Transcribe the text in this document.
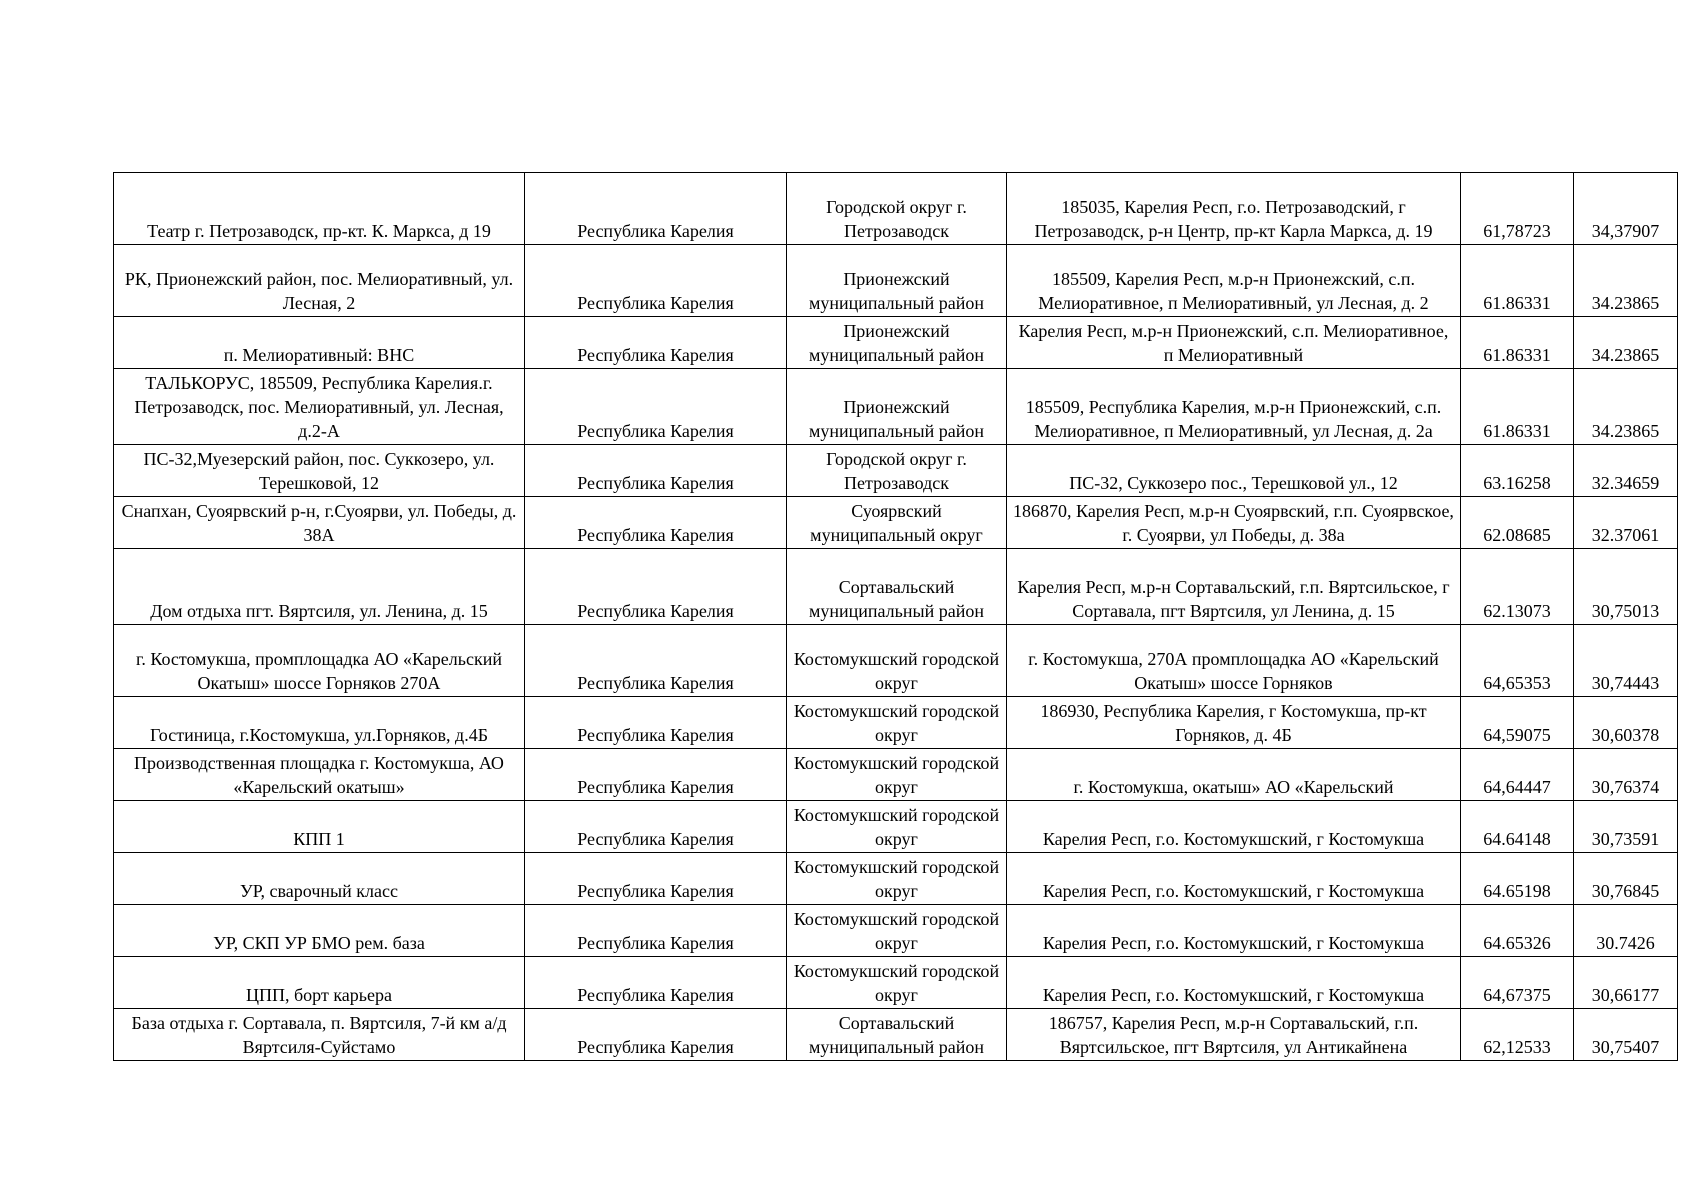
Театр г. Петрозаводск, пр-кт. К. Маркса, д 19	Республика Карелия	Городской округ г. Петрозаводск	185035, Карелия Респ, г.о. Петрозаводский, г Петрозаводск, р-н Центр, пр-кт Карла Маркса, д. 19	61,78723	34,37907
РК, Прионежский район, пос. Мелиоративный, ул. Лесная, 2	Республика Карелия	Прионежский муниципальный район	185509, Карелия Респ, м.р-н Прионежский, с.п. Мелиоративное, п Мелиоративный, ул Лесная, д. 2	61.86331	34.23865
п. Мелиоративный: ВНС	Республика Карелия	Прионежский муниципальный район	Карелия Респ, м.р-н Прионежский, с.п. Мелиоративное, п Мелиоративный	61.86331	34.23865
ТАЛЬКОРУС, 185509, Республика Карелия.г. Петрозаводск, пос. Мелиоративный, ул. Лесная, д.2-А	Республика Карелия	Прионежский муниципальный район	185509, Республика Карелия, м.р-н Прионежский, с.п. Мелиоративное, п Мелиоративный, ул Лесная, д. 2а	61.86331	34.23865
ПС-32,Муезерский район, пос. Суккозеро, ул. Терешковой, 12	Республика Карелия	Городской округ г. Петрозаводск	ПС-32, Суккозеро пос., Терешковой ул., 12	63.16258	32.34659
Снапхан, Суоярвский р-н, г.Суоярви, ул. Победы, д. 38А	Республика Карелия	Суоярвский муниципальный округ	186870, Карелия Респ, м.р-н Суоярвский, г.п. Суоярвское, г. Суоярви, ул Победы, д. 38а	62.08685	32.37061
Дом отдыха пгт. Вяртсиля, ул. Ленина, д. 15	Республика Карелия	Сортавальский муниципальный район	Карелия Респ, м.р-н Сортавальский, г.п. Вяртсильское, г Сортавала, пгт Вяртсиля, ул Ленина, д. 15	62.13073	30,75013
г. Костомукша, промплощадка АО «Карельский Окатыш» шоссе Горняков 270А	Республика Карелия	Костомукшский городской округ	г. Костомукша, 270А промплощадка АО «Карельский Окатыш» шоссе Горняков	64,65353	30,74443
Гостиница, г.Костомукша, ул.Горняков, д.4Б	Республика Карелия	Костомукшский городской округ	186930, Республика Карелия, г Костомукша, пр-кт Горняков, д. 4Б	64,59075	30,60378
Производственная площадка г. Костомукша, АО «Карельский окатыш»	Республика Карелия	Костомукшский городской округ	г. Костомукша, окатыш» АО «Карельский	64,64447	30,76374
КПП 1	Республика Карелия	Костомукшский городской округ	Карелия Респ, г.о. Костомукшский, г Костомукша	64.64148	30,73591
УР, сварочный класс	Республика Карелия	Костомукшский городской округ	Карелия Респ, г.о. Костомукшский, г Костомукша	64.65198	30,76845
УР, СКП УР БМО рем. база	Республика Карелия	Костомукшский городской округ	Карелия Респ, г.о. Костомукшский, г Костомукша	64.65326	30.7426
ЦПП, борт карьера	Республика Карелия	Костомукшский городской округ	Карелия Респ, г.о. Костомукшский, г Костомукша	64,67375	30,66177
База отдыха г. Сортавала, п. Вяртсиля, 7-й км а/д Вяртсиля-Суйстамо	Республика Карелия	Сортавальский муниципальный район	186757, Карелия Респ, м.р-н Сортавальский, г.п. Вяртсильское, пгт Вяртсиля, ул Антикайнена	62,12533	30,75407
